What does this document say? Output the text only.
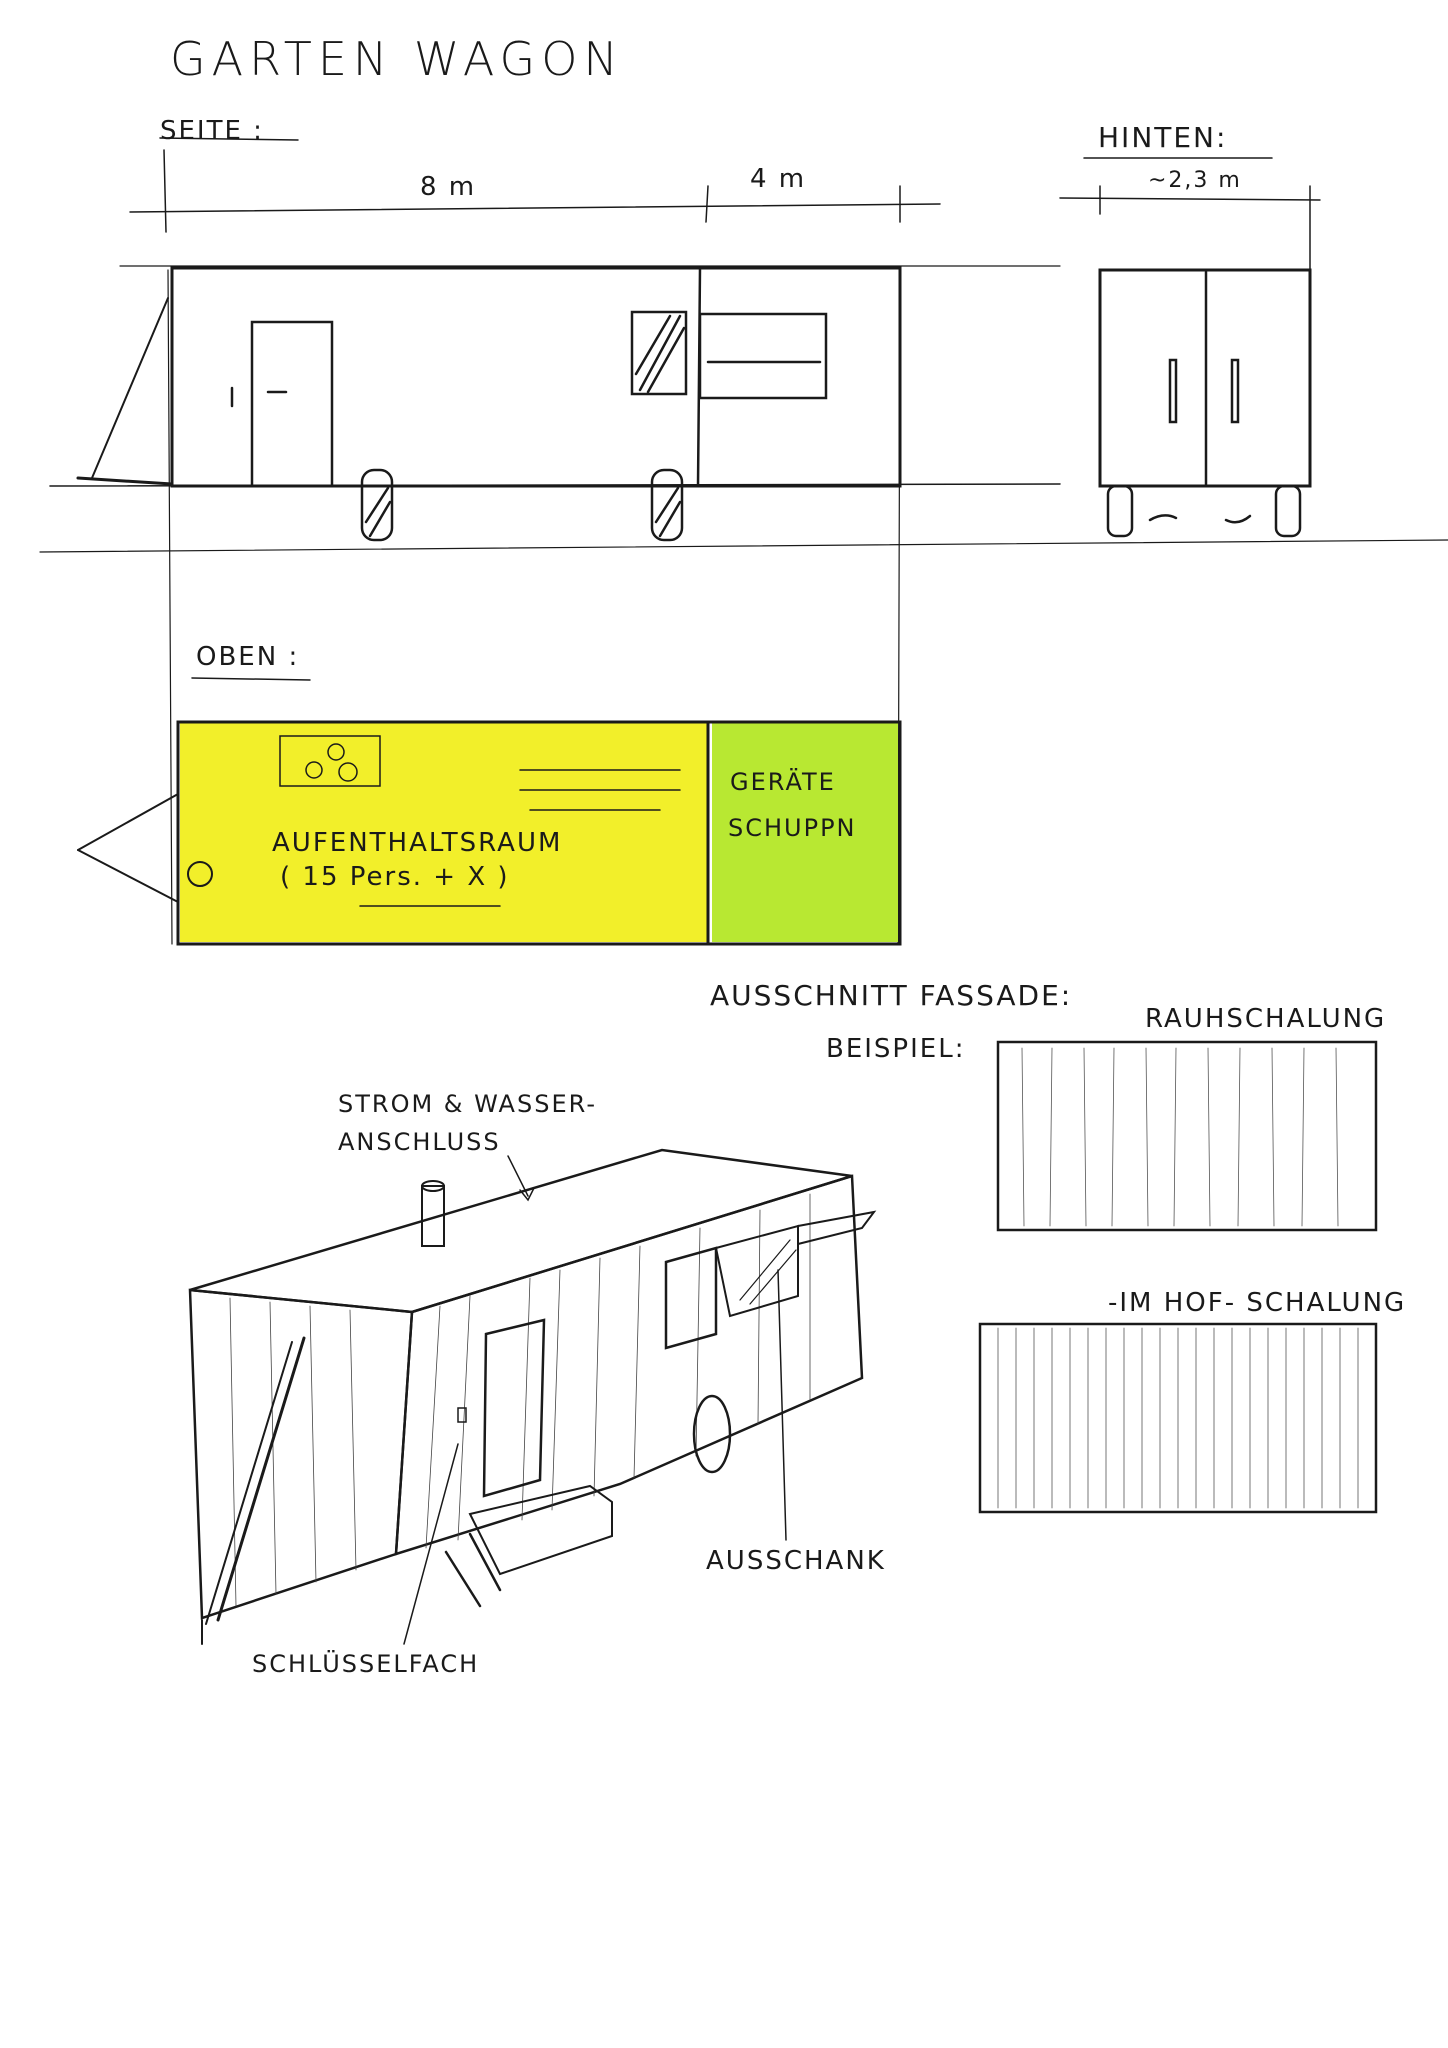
GARTEN WAGON
SEITE :
8 m	4 m
HINTEN:
~2,3 m
OBEN :
AUFENTHALTSRAUM
( 15 Pers. + X )
GERÄTE
SCHUPPN
AUSSCHNITT FASSADE:
RAUHSCHALUNG
BEISPIEL:
-IM HOF- SCHALUNG
STROM & WASSER-
ANSCHLUSS
AUSSCHANK
SCHLÜSSELFACH
